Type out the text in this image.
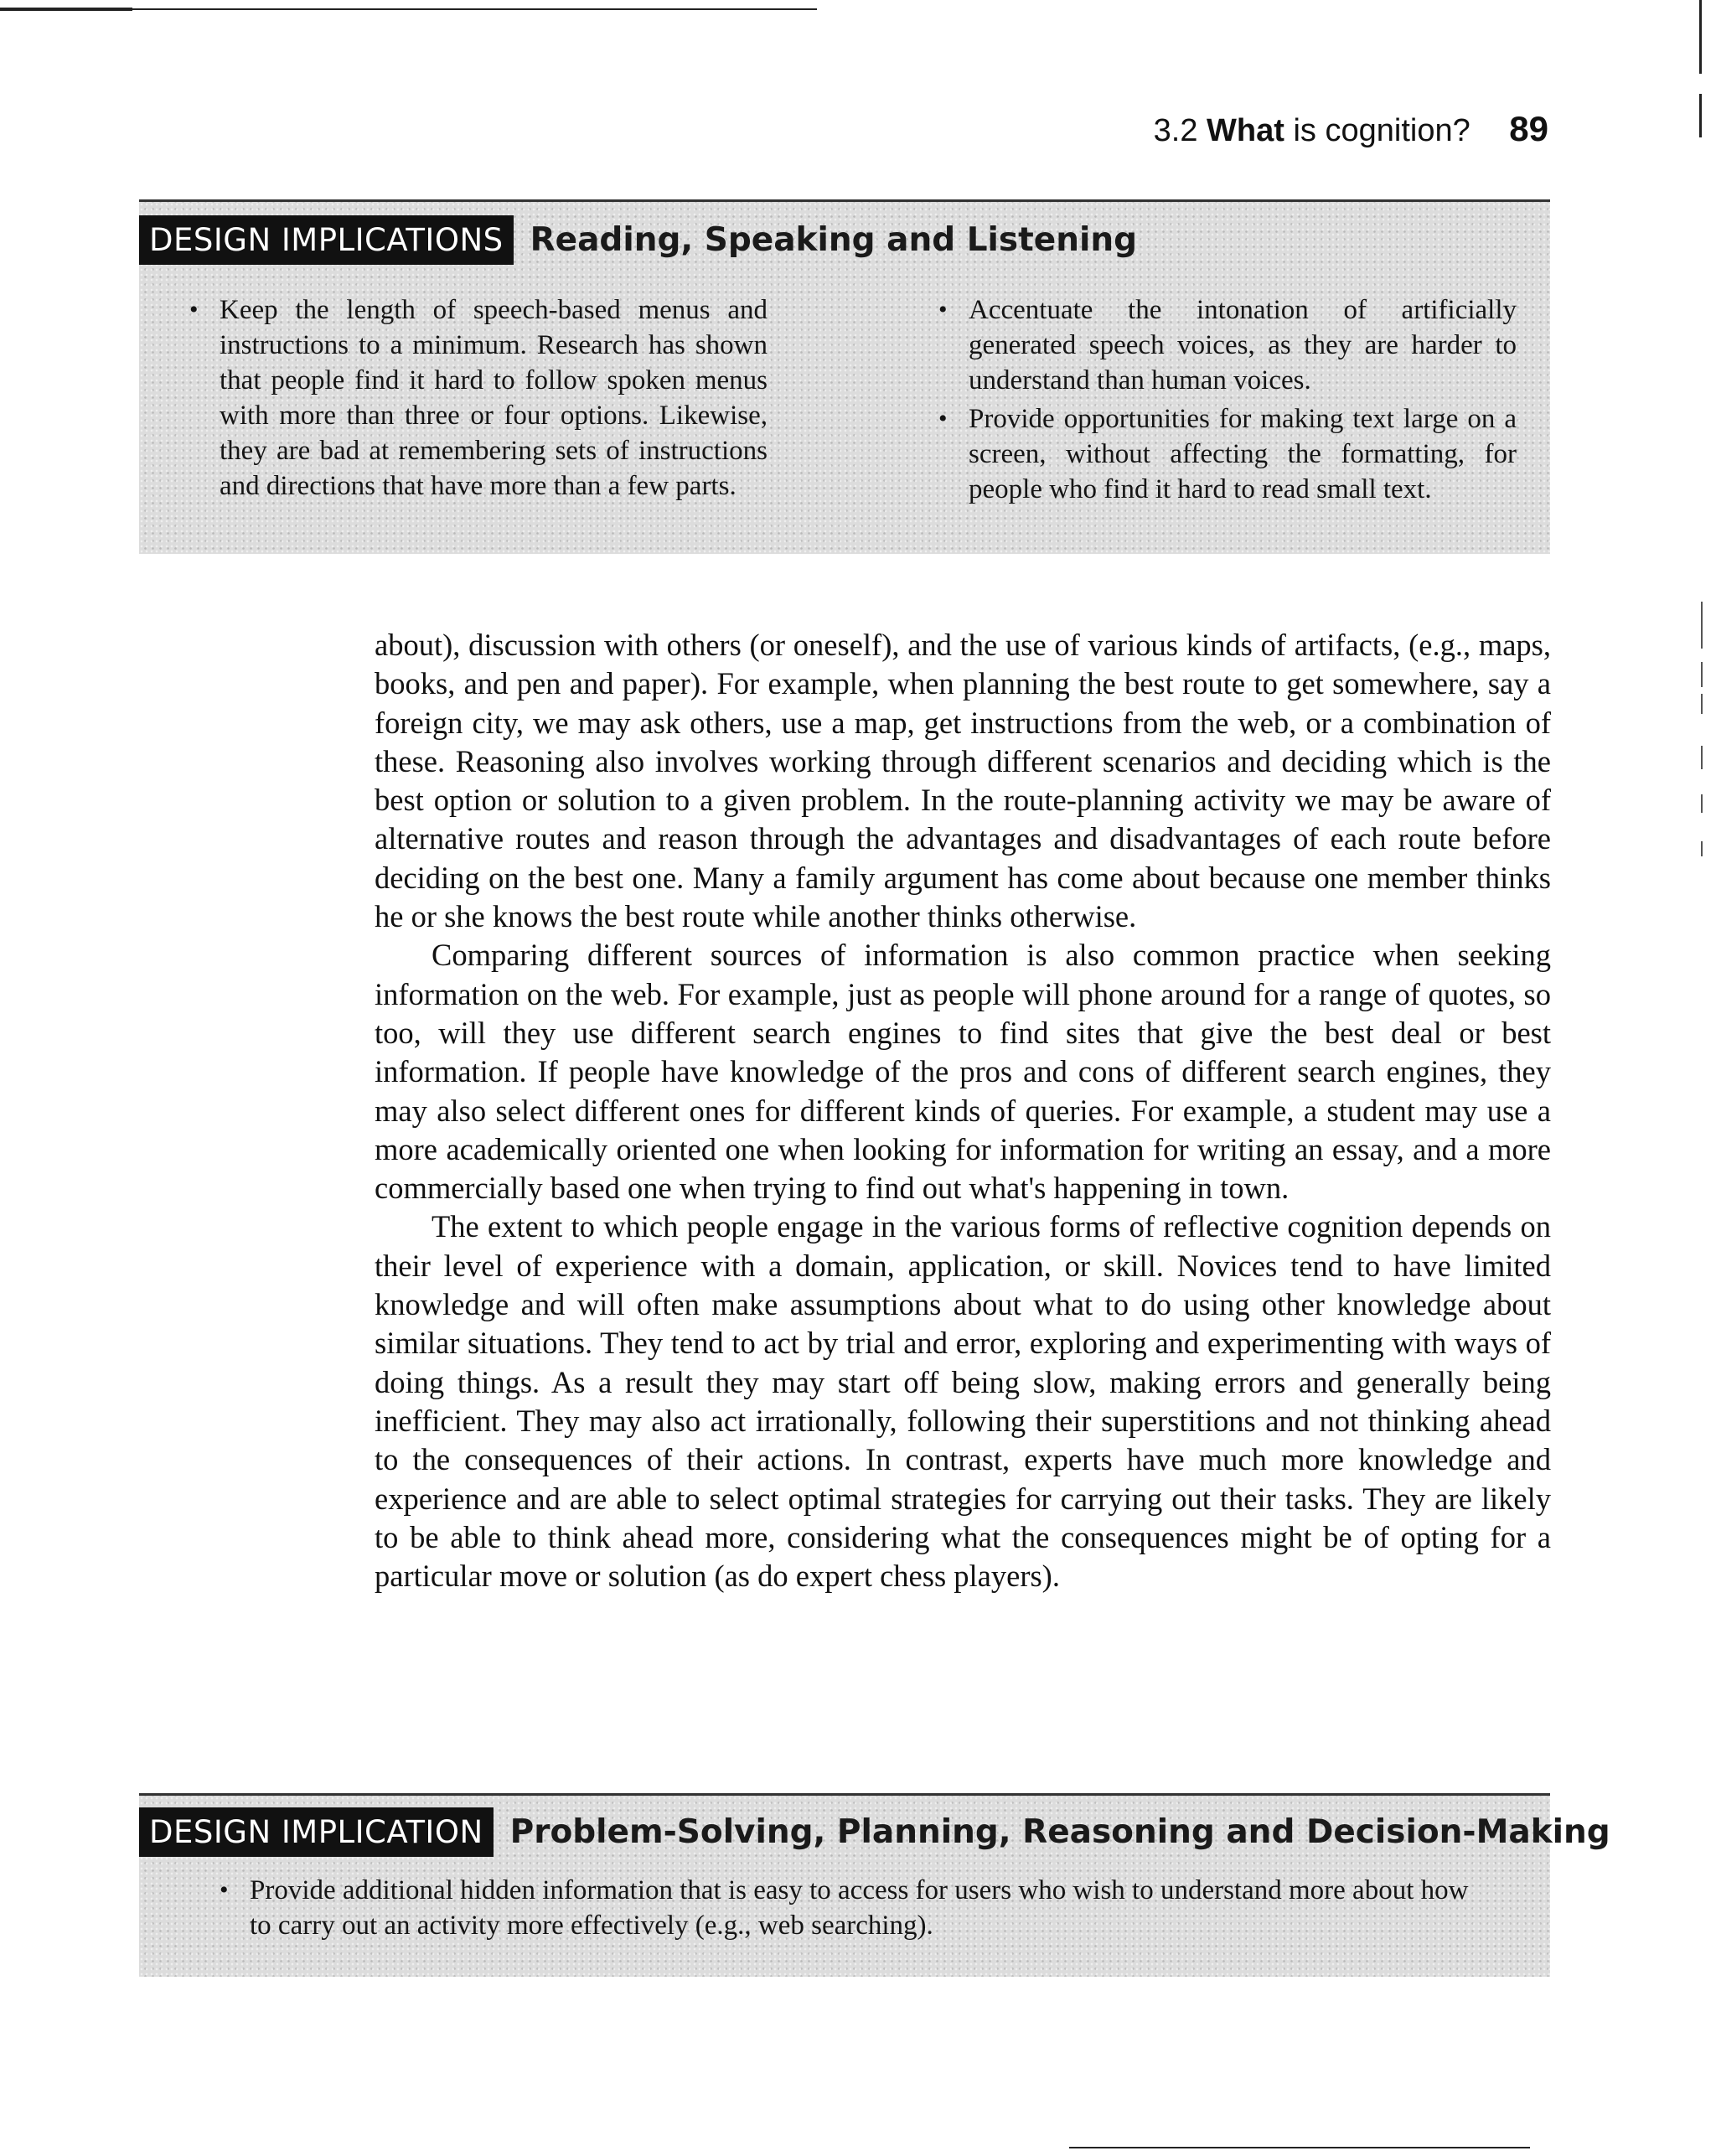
3.2 What is cognition? 89
DESIGN IMPLICATIONS Reading, Speaking and Listening
• Keep the length of speech-based menus and instructions to a minimum. Research has shown that people find it hard to follow spoken menus with more than three or four options. Likewise, they are bad at remembering sets of instructions and directions that have more than a few parts.
• Accentuate the intonation of artificially generated speech voices, as they are harder to understand than human voices.
• Provide opportunities for making text large on a screen, without affecting the formatting, for people who find it hard to read small text.

about), discussion with others (or oneself), and the use of various kinds of artifacts, (e.g., maps, books, and pen and paper). For example, when planning the best route to get somewhere, say a foreign city, we may ask others, use a map, get instructions from the web, or a combination of these. Reasoning also involves working through different scenarios and deciding which is the best option or solution to a given problem. In the route-planning activity we may be aware of alternative routes and reason through the advantages and disadvantages of each route before deciding on the best one. Many a family argument has come about because one member thinks he or she knows the best route while another thinks otherwise.

Comparing different sources of information is also common practice when seeking information on the web. For example, just as people will phone around for a range of quotes, so too, will they use different search engines to find sites that give the best deal or best information. If people have knowledge of the pros and cons of different search engines, they may also select different ones for different kinds of queries. For example, a student may use a more academically oriented one when looking for information for writing an essay, and a more commercially based one when trying to find out what's happening in town.

The extent to which people engage in the various forms of reflective cognition depends on their level of experience with a domain, application, or skill. Novices tend to have limited knowledge and will often make assumptions about what to do using other knowledge about similar situations. They tend to act by trial and error, exploring and experimenting with ways of doing things. As a result they may start off being slow, making errors and generally being inefficient. They may also act irrationally, following their superstitions and not thinking ahead to the consequences of their actions. In contrast, experts have much more knowledge and experience and are able to select optimal strategies for carrying out their tasks. They are likely to be able to think ahead more, considering what the consequences might be of opting for a particular move or solution (as do expert chess players).

DESIGN IMPLICATION Problem-Solving, Planning, Reasoning and Decision-Making
• Provide additional hidden information that is easy to access for users who wish to understand more about how to carry out an activity more effectively (e.g., web searching).
